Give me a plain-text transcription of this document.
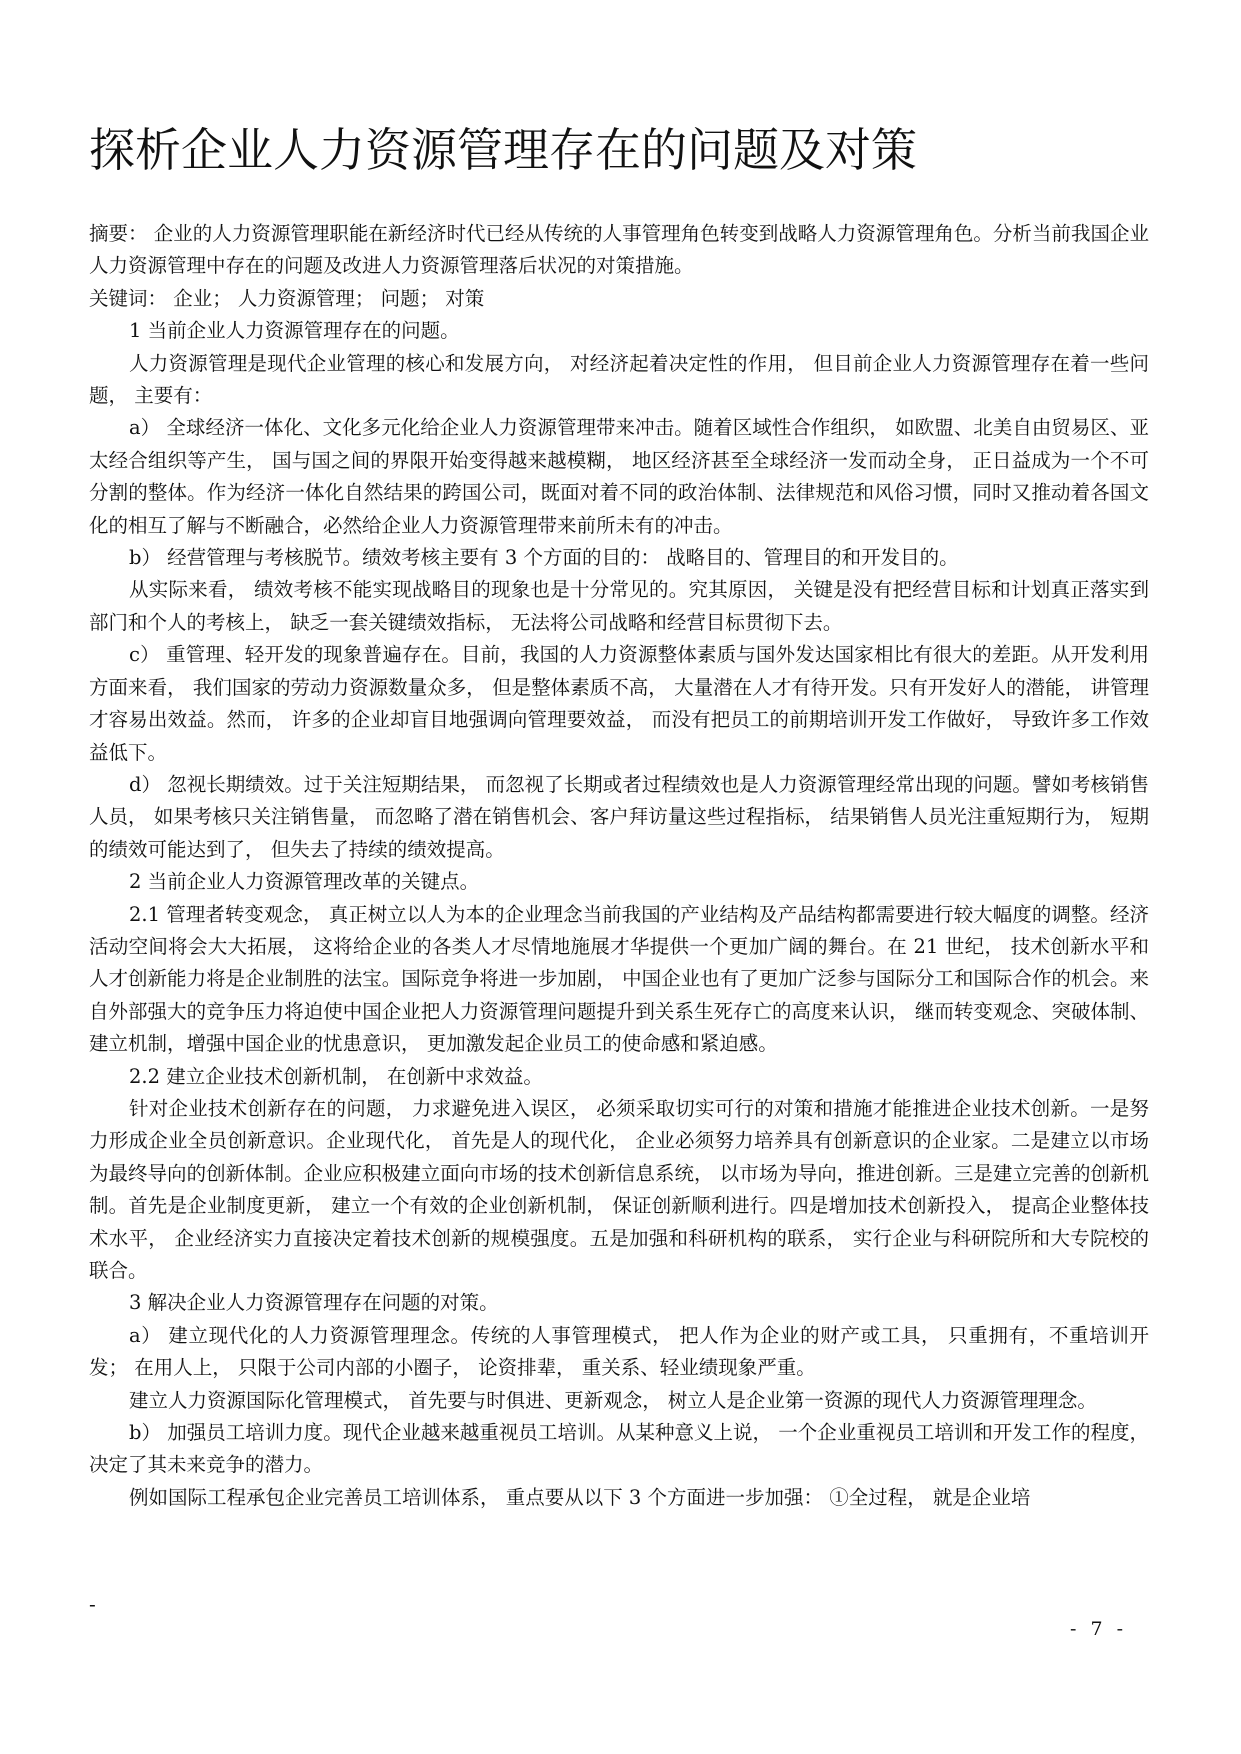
探析企业人力资源管理存在的问题及对策

摘要： 企业的人力资源管理职能在新经济时代已经从传统的人事管理角色转变到战略人力资源管理角色。分析当前我国企业人力资源管理中存在的问题及改进人力资源管理落后状况的对策措施。

关键词： 企业； 人力资源管理； 问题； 对策

1 当前企业人力资源管理存在的问题。

人力资源管理是现代企业管理的核心和发展方向， 对经济起着决定性的作用， 但目前企业人力资源管理存在着一些问题， 主要有：

a） 全球经济一体化、文化多元化给企业人力资源管理带来冲击。随着区域性合作组织， 如欧盟、北美自由贸易区、亚太经合组织等产生， 国与国之间的界限开始变得越来越模糊， 地区经济甚至全球经济一发而动全身， 正日益成为一个不可分割的整体。作为经济一体化自然结果的跨国公司，既面对着不同的政治体制、法律规范和风俗习惯，同时又推动着各国文化的相互了解与不断融合，必然给企业人力资源管理带来前所未有的冲击。

b） 经营管理与考核脱节。绩效考核主要有 3 个方面的目的： 战略目的、管理目的和开发目的。

从实际来看， 绩效考核不能实现战略目的现象也是十分常见的。究其原因， 关键是没有把经营目标和计划真正落实到部门和个人的考核上， 缺乏一套关键绩效指标， 无法将公司战略和经营目标贯彻下去。

c） 重管理、轻开发的现象普遍存在。目前，我国的人力资源整体素质与国外发达国家相比有很大的差距。从开发利用方面来看， 我们国家的劳动力资源数量众多， 但是整体素质不高， 大量潜在人才有待开发。只有开发好人的潜能， 讲管理才容易出效益。然而， 许多的企业却盲目地强调向管理要效益， 而没有把员工的前期培训开发工作做好， 导致许多工作效益低下。

d） 忽视长期绩效。过于关注短期结果， 而忽视了长期或者过程绩效也是人力资源管理经常出现的问题。譬如考核销售人员， 如果考核只关注销售量， 而忽略了潜在销售机会、客户拜访量这些过程指标， 结果销售人员光注重短期行为， 短期的绩效可能达到了， 但失去了持续的绩效提高。

2 当前企业人力资源管理改革的关键点。

2.1 管理者转变观念， 真正树立以人为本的企业理念当前我国的产业结构及产品结构都需要进行较大幅度的调整。经济活动空间将会大大拓展， 这将给企业的各类人才尽情地施展才华提供一个更加广阔的舞台。在 21 世纪， 技术创新水平和人才创新能力将是企业制胜的法宝。国际竞争将进一步加剧， 中国企业也有了更加广泛参与国际分工和国际合作的机会。来自外部强大的竞争压力将迫使中国企业把人力资源管理问题提升到关系生死存亡的高度来认识， 继而转变观念、突破体制、建立机制，增强中国企业的忧患意识， 更加激发起企业员工的使命感和紧迫感。

2.2 建立企业技术创新机制， 在创新中求效益。

针对企业技术创新存在的问题， 力求避免进入误区， 必须采取切实可行的对策和措施才能推进企业技术创新。一是努力形成企业全员创新意识。企业现代化， 首先是人的现代化， 企业必须努力培养具有创新意识的企业家。二是建立以市场为最终导向的创新体制。企业应积极建立面向市场的技术创新信息系统， 以市场为导向，推进创新。三是建立完善的创新机制。首先是企业制度更新， 建立一个有效的企业创新机制， 保证创新顺利进行。四是增加技术创新投入， 提高企业整体技术水平， 企业经济实力直接决定着技术创新的规模强度。五是加强和科研机构的联系， 实行企业与科研院所和大专院校的联合。

3 解决企业人力资源管理存在问题的对策。

a） 建立现代化的人力资源管理理念。传统的人事管理模式， 把人作为企业的财产或工具， 只重拥有，不重培训开发； 在用人上， 只限于公司内部的小圈子， 论资排辈， 重关系、轻业绩现象严重。

建立人力资源国际化管理模式， 首先要与时俱进、更新观念， 树立人是企业第一资源的现代人力资源管理理念。

b） 加强员工培训力度。现代企业越来越重视员工培训。从某种意义上说， 一个企业重视员工培训和开发工作的程度， 决定了其未来竞争的潜力。

例如国际工程承包企业完善员工培训体系， 重点要从以下 3 个方面进一步加强： ①全过程， 就是企业培

-
- 7 -
